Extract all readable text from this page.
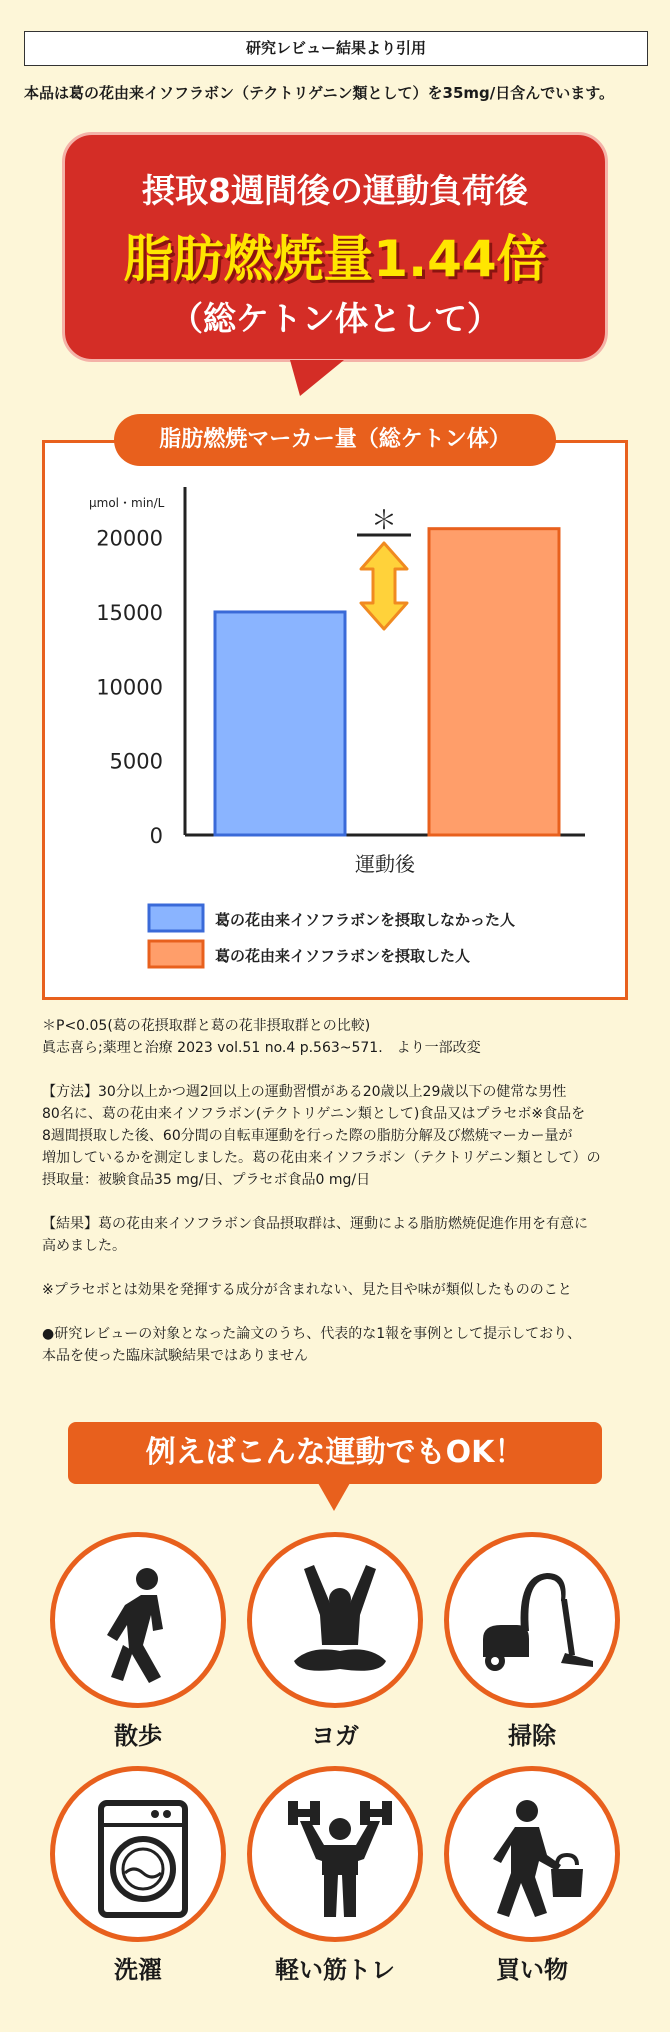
研究レビュー結果より引用
本品は葛の花由来イソフラボン（テクトリゲニン類として）を35mg/日含んでいます。
摂取8週間後の運動負荷後
脂肪燃焼量1.44倍
（総ケトン体として）
μmol・min/L
0
5000
10000
15000
20000
＊
運動後
葛の花由来イソフラボンを摂取しなかった人
葛の花由来イソフラボンを摂取した人
脂肪燃焼マーカー量（総ケトン体）

＊P<0.05(葛の花摂取群と葛の花非摂取群との比較)

眞志喜ら;薬理と治療 2023 vol.51 no.4 p.563~571.　より一部改変

【方法】30分以上かつ週2回以上の運動習慣がある20歳以上29歳以下の健常な男性

80名に、葛の花由来イソフラボン(テクトリゲニン類として)食品又はプラセボ※食品を

8週間摂取した後、60分間の自転車運動を行った際の脂肪分解及び燃焼マーカー量が

増加しているかを測定しました。葛の花由来イソフラボン（テクトリゲニン類として）の

摂取量：被験食品35 mg/日、プラセボ食品0 mg/日

【結果】葛の花由来イソフラボン食品摂取群は、運動による脂肪燃焼促進作用を有意に

高めました。

※プラセボとは効果を発揮する成分が含まれない、見た目や味が類似したもののこと

●研究レビューの対象となった論文のうち、代表的な1報を事例として提示しており、

本品を使った臨床試験結果ではありません

例えばこんな運動でもOK！
散歩	ヨガ	掃除
洗濯	軽い筋トレ	買い物
